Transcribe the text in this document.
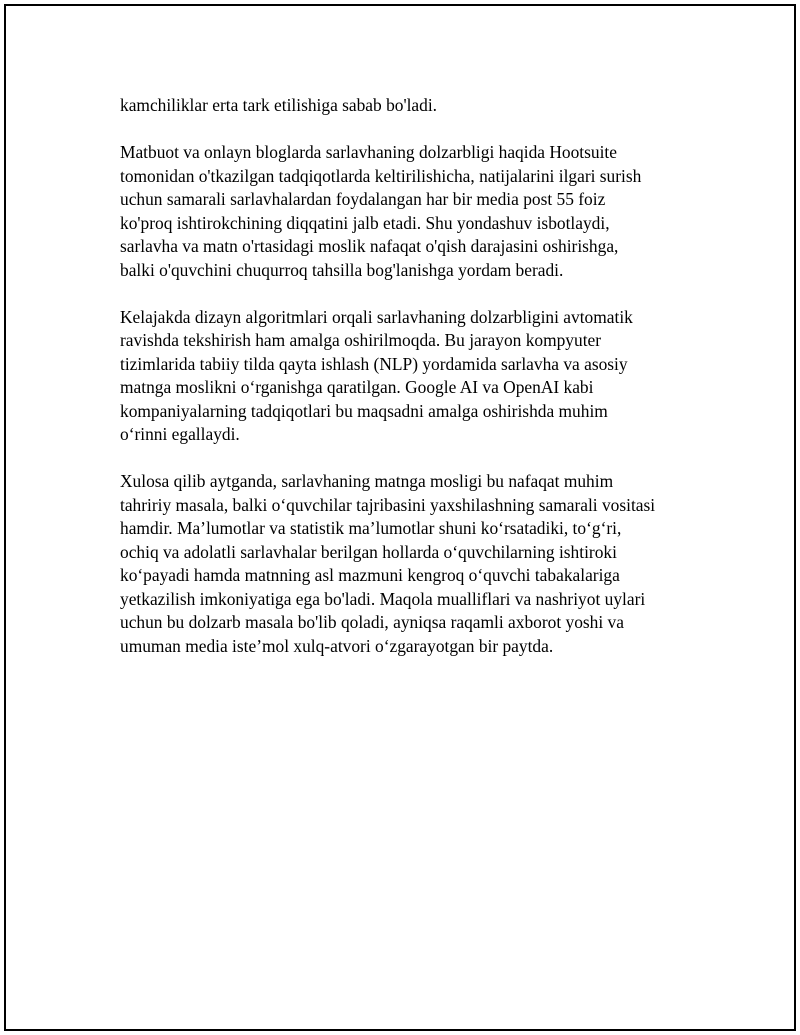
kamchiliklar erta tark etilishiga sabab bo'ladi.

Matbuot va onlayn bloglarda sarlavhaning dolzarbligi haqida Hootsuite
tomonidan o'tkazilgan tadqiqotlarda keltirilishicha, natijalarini ilgari surish
uchun samarali sarlavhalardan foydalangan har bir media post 55 foiz
ko'proq ishtirokchining diqqatini jalb etadi. Shu yondashuv isbotlaydi,
sarlavha va matn o'rtasidagi moslik nafaqat o'qish darajasini oshirishga,
balki o'quvchini chuqurroq tahsilla bog'lanishga yordam beradi.

Kelajakda dizayn algoritmlari orqali sarlavhaning dolzarbligini avtomatik
ravishda tekshirish ham amalga oshirilmoqda. Bu jarayon kompyuter
tizimlarida tabiiy tilda qayta ishlash (NLP) yordamida sarlavha va asosiy
matnga moslikni o‘rganishga qaratilgan. Google AI va OpenAI kabi
kompaniyalarning tadqiqotlari bu maqsadni amalga oshirishda muhim
o‘rinni egallaydi.

Xulosa qilib aytganda, sarlavhaning matnga mosligi bu nafaqat muhim
tahririy masala, balki o‘quvchilar tajribasini yaxshilashning samarali vositasi
hamdir. Ma’lumotlar va statistik ma’lumotlar shuni ko‘rsatadiki, to‘g‘ri,
ochiq va adolatli sarlavhalar berilgan hollarda o‘quvchilarning ishtiroki
ko‘payadi hamda matnning asl mazmuni kengroq o‘quvchi tabakalariga
yetkazilish imkoniyatiga ega bo'ladi. Maqola mualliflari va nashriyot uylari
uchun bu dolzarb masala bo'lib qoladi, ayniqsa raqamli axborot yoshi va
umuman media iste’mol xulq-atvori o‘zgarayotgan bir paytda.
